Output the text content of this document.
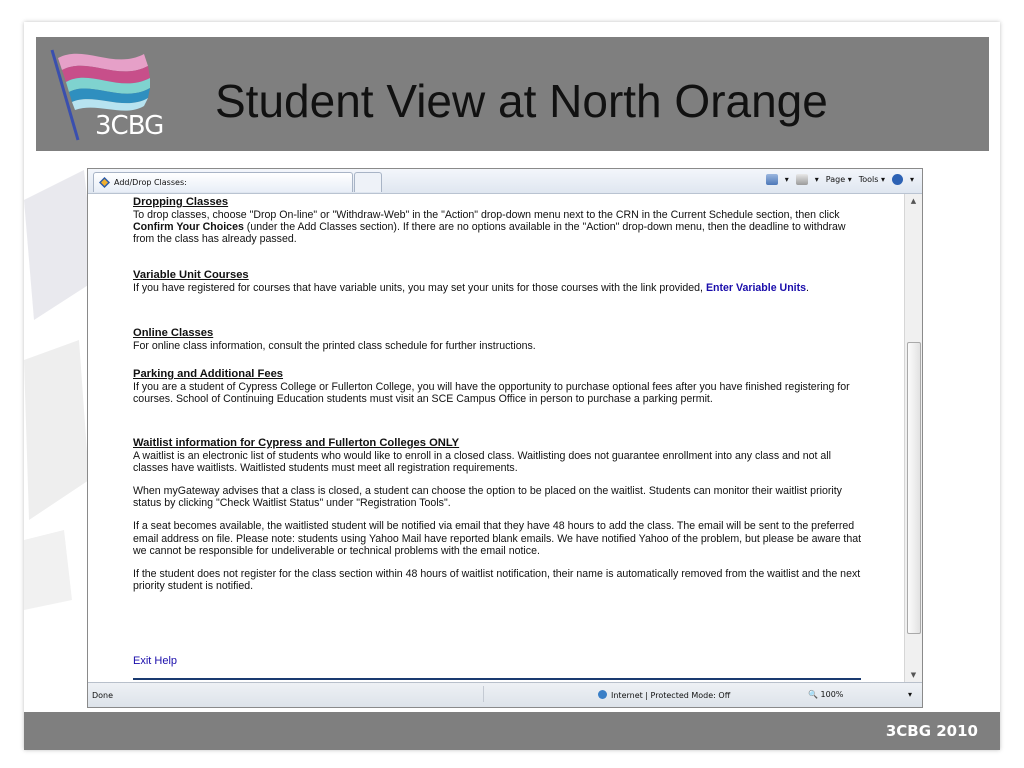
3CBG Student View at North Orange
Add/Drop Classes:	▾	▾ Page ▾ Tools ▾	▾
Dropping Classes

To drop classes, choose "Drop On-line" or "Withdraw-Web" in the "Action" drop-down menu next to the CRN in the Current Schedule section, then click Confirm Your Choices (under the Add Classes section). If there are no options available in the "Action" drop-down menu, then the deadline to withdraw from the class has already passed.

Variable Unit Courses

If you have registered for courses that have variable units, you may set your units for those courses with the link provided, Enter Variable Units.

Online Classes

For online class information, consult the printed class schedule for further instructions.

Parking and Additional Fees

If you are a student of Cypress College or Fullerton College, you will have the opportunity to purchase optional fees after you have finished registering for courses. School of Continuing Education students must visit an SCE Campus Office in person to purchase a parking permit.

Waitlist information for Cypress and Fullerton Colleges ONLY

A waitlist is an electronic list of students who would like to enroll in a closed class. Waitlisting does not guarantee enrollment into any class and not all classes have waitlists. Waitlisted students must meet all registration requirements.

When myGateway advises that a class is closed, a student can choose the option to be placed on the waitlist. Students can monitor their waitlist priority status by clicking "Check Waitlist Status" under "Registration Tools".

If a seat becomes available, the waitlisted student will be notified via email that they have 48 hours to add the class. The email will be sent to the preferred email address on file. Please note: students using Yahoo Mail have reported blank emails. We have notified Yahoo of the problem, but please be aware that we cannot be responsible for undeliverable or technical problems with the email notice.

If the student does not register for the class section within 48 hours of waitlist notification, their name is automatically removed from the waitlist and the next priority student is notified.

Exit Help
▲
▼
Done	Internet | Protected Mode: Off	🔍 100%	▾
3CBG 2010
